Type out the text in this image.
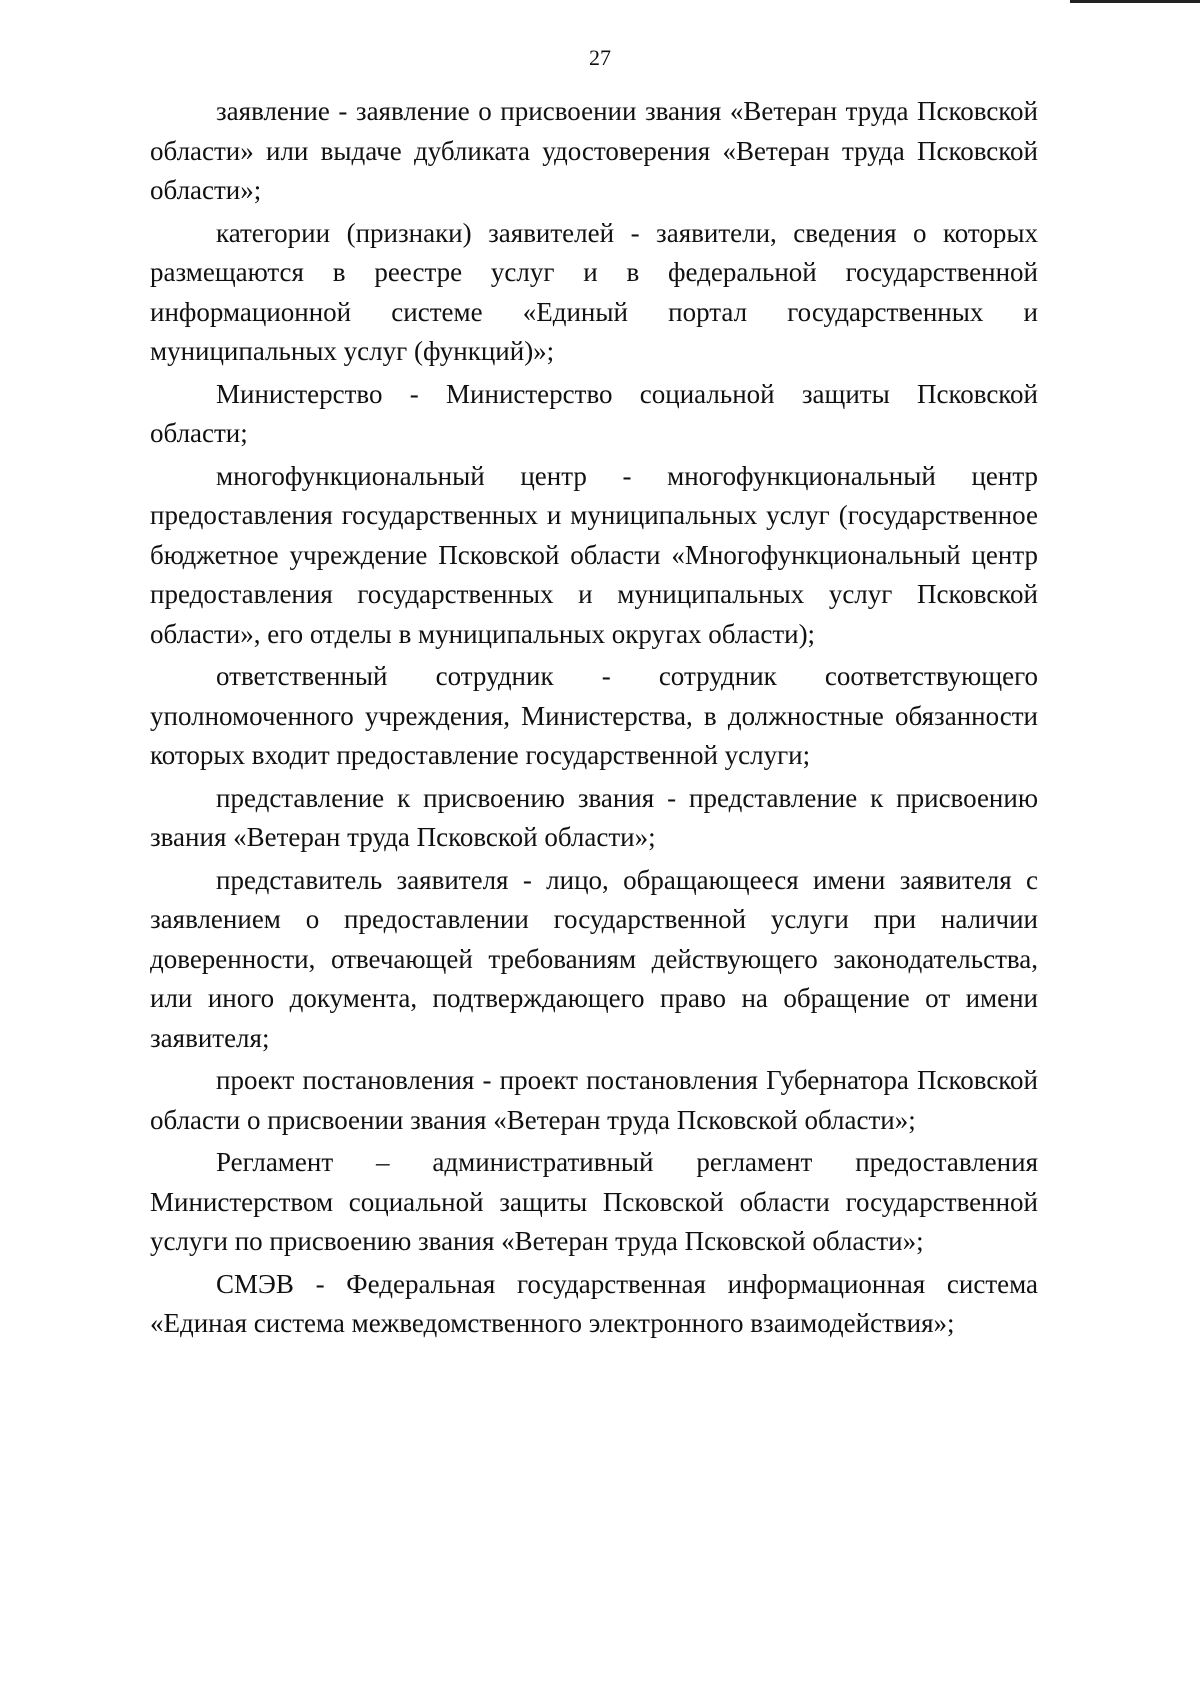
27

заявление - заявление о присвоении звания «Ветеран труда Псковской области» или выдаче дубликата удостоверения «Ветеран труда Псковской области»;

категории (признаки) заявителей - заявители, сведения о которых размещаются в реестре услуг и в федеральной государственной информационной системе «Единый портал государственных и муниципальных услуг (функций)»;

Министерство - Министерство социальной защиты Псковской области;

многофункциональный центр - многофункциональный центр предоставления государственных и муниципальных услуг (государственное бюджетное учреждение Псковской области «Многофункциональный центр предоставления государственных и муниципальных услуг Псковской области», его отделы в муниципальных округах области);

ответственный сотрудник - сотрудник соответствующего уполномоченного учреждения, Министерства, в должностные обязанности которых входит предоставление государственной услуги;

представление к присвоению звания - представление к присвоению звания «Ветеран труда Псковской области»;

представитель заявителя - лицо, обращающееся имени заявителя с заявлением о предоставлении государственной услуги при наличии доверенности, отвечающей требованиям действующего законодательства, или иного документа, подтверждающего право на обращение от имени заявителя;

проект постановления - проект постановления Губернатора Псковской области о присвоении звания «Ветеран труда Псковской области»;

Регламент – административный регламент предоставления Министерством социальной защиты Псковской области государственной услуги по присвоению звания «Ветеран труда Псковской области»;

СМЭВ - Федеральная государственная информационная система «Единая система межведомственного электронного взаимодействия»;
